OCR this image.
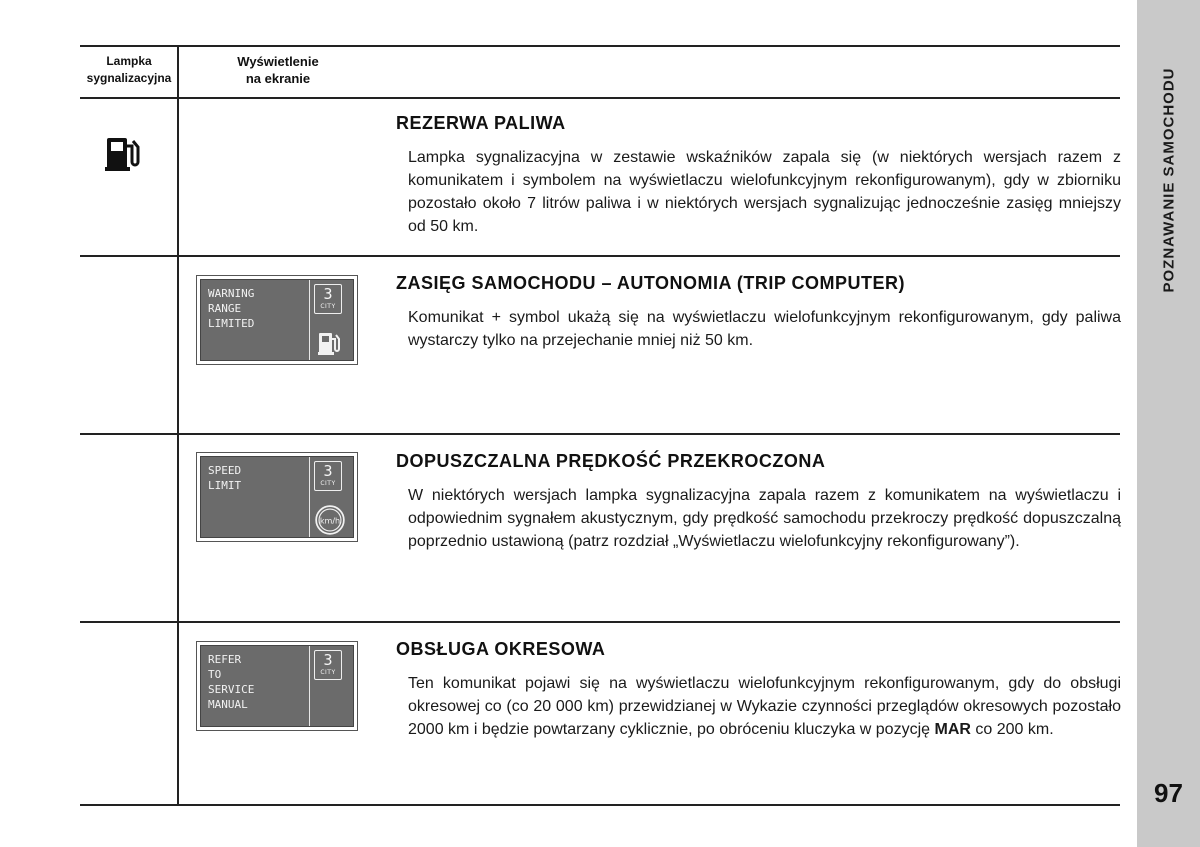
POZNAWANIE SAMOCHODU
97
Lampka
sygnalizacyjna
Wyświetlenie
na ekranie
REZERWA PALIWA
Lampka sygnalizacyjna w zestawie wskaźników zapala się (w niektórych wersjach razem z komunikatem i symbolem na wyświetlaczu wielofunkcyjnym rekonfigurowanym), gdy w zbiorniku pozostało około 7 litrów paliwa i w niektórych wersjach sygnalizując jednocześnie zasięg mniejszy od 50 km.
WARNING
RANGE
LIMITED
3
CITY
ZASIĘG SAMOCHODU – AUTONOMIA (TRIP COMPUTER)
Komunikat + symbol ukażą się na wyświetlaczu wielofunkcyjnym rekonfigurowanym, gdy paliwa wystarczy tylko na przejechanie mniej niż 50 km.
SPEED
LIMIT
3
CITY
km/h
DOPUSZCZALNA PRĘDKOŚĆ PRZEKROCZONA
W niektórych wersjach lampka sygnalizacyjna zapala razem z komunikatem na wyświetlaczu i odpowiednim sygnałem akustycznym, gdy prędkość samochodu przekroczy prędkość dopuszczalną poprzednio ustawioną (patrz rozdział „Wyświetlaczu wielofunkcyjny rekonfigurowany”).
REFER
TO
SERVICE
MANUAL
3
CITY
OBSŁUGA OKRESOWA
Ten komunikat pojawi się na wyświetlaczu wielofunkcyjnym rekonfigurowanym, gdy do obsługi okresowej co (co 20 000 km) przewidzianej w Wykazie czynności przeglądów okresowych pozostało 2000 km i będzie powtarzany cyklicznie, po obróceniu kluczyka w pozycję MAR co 200 km.
